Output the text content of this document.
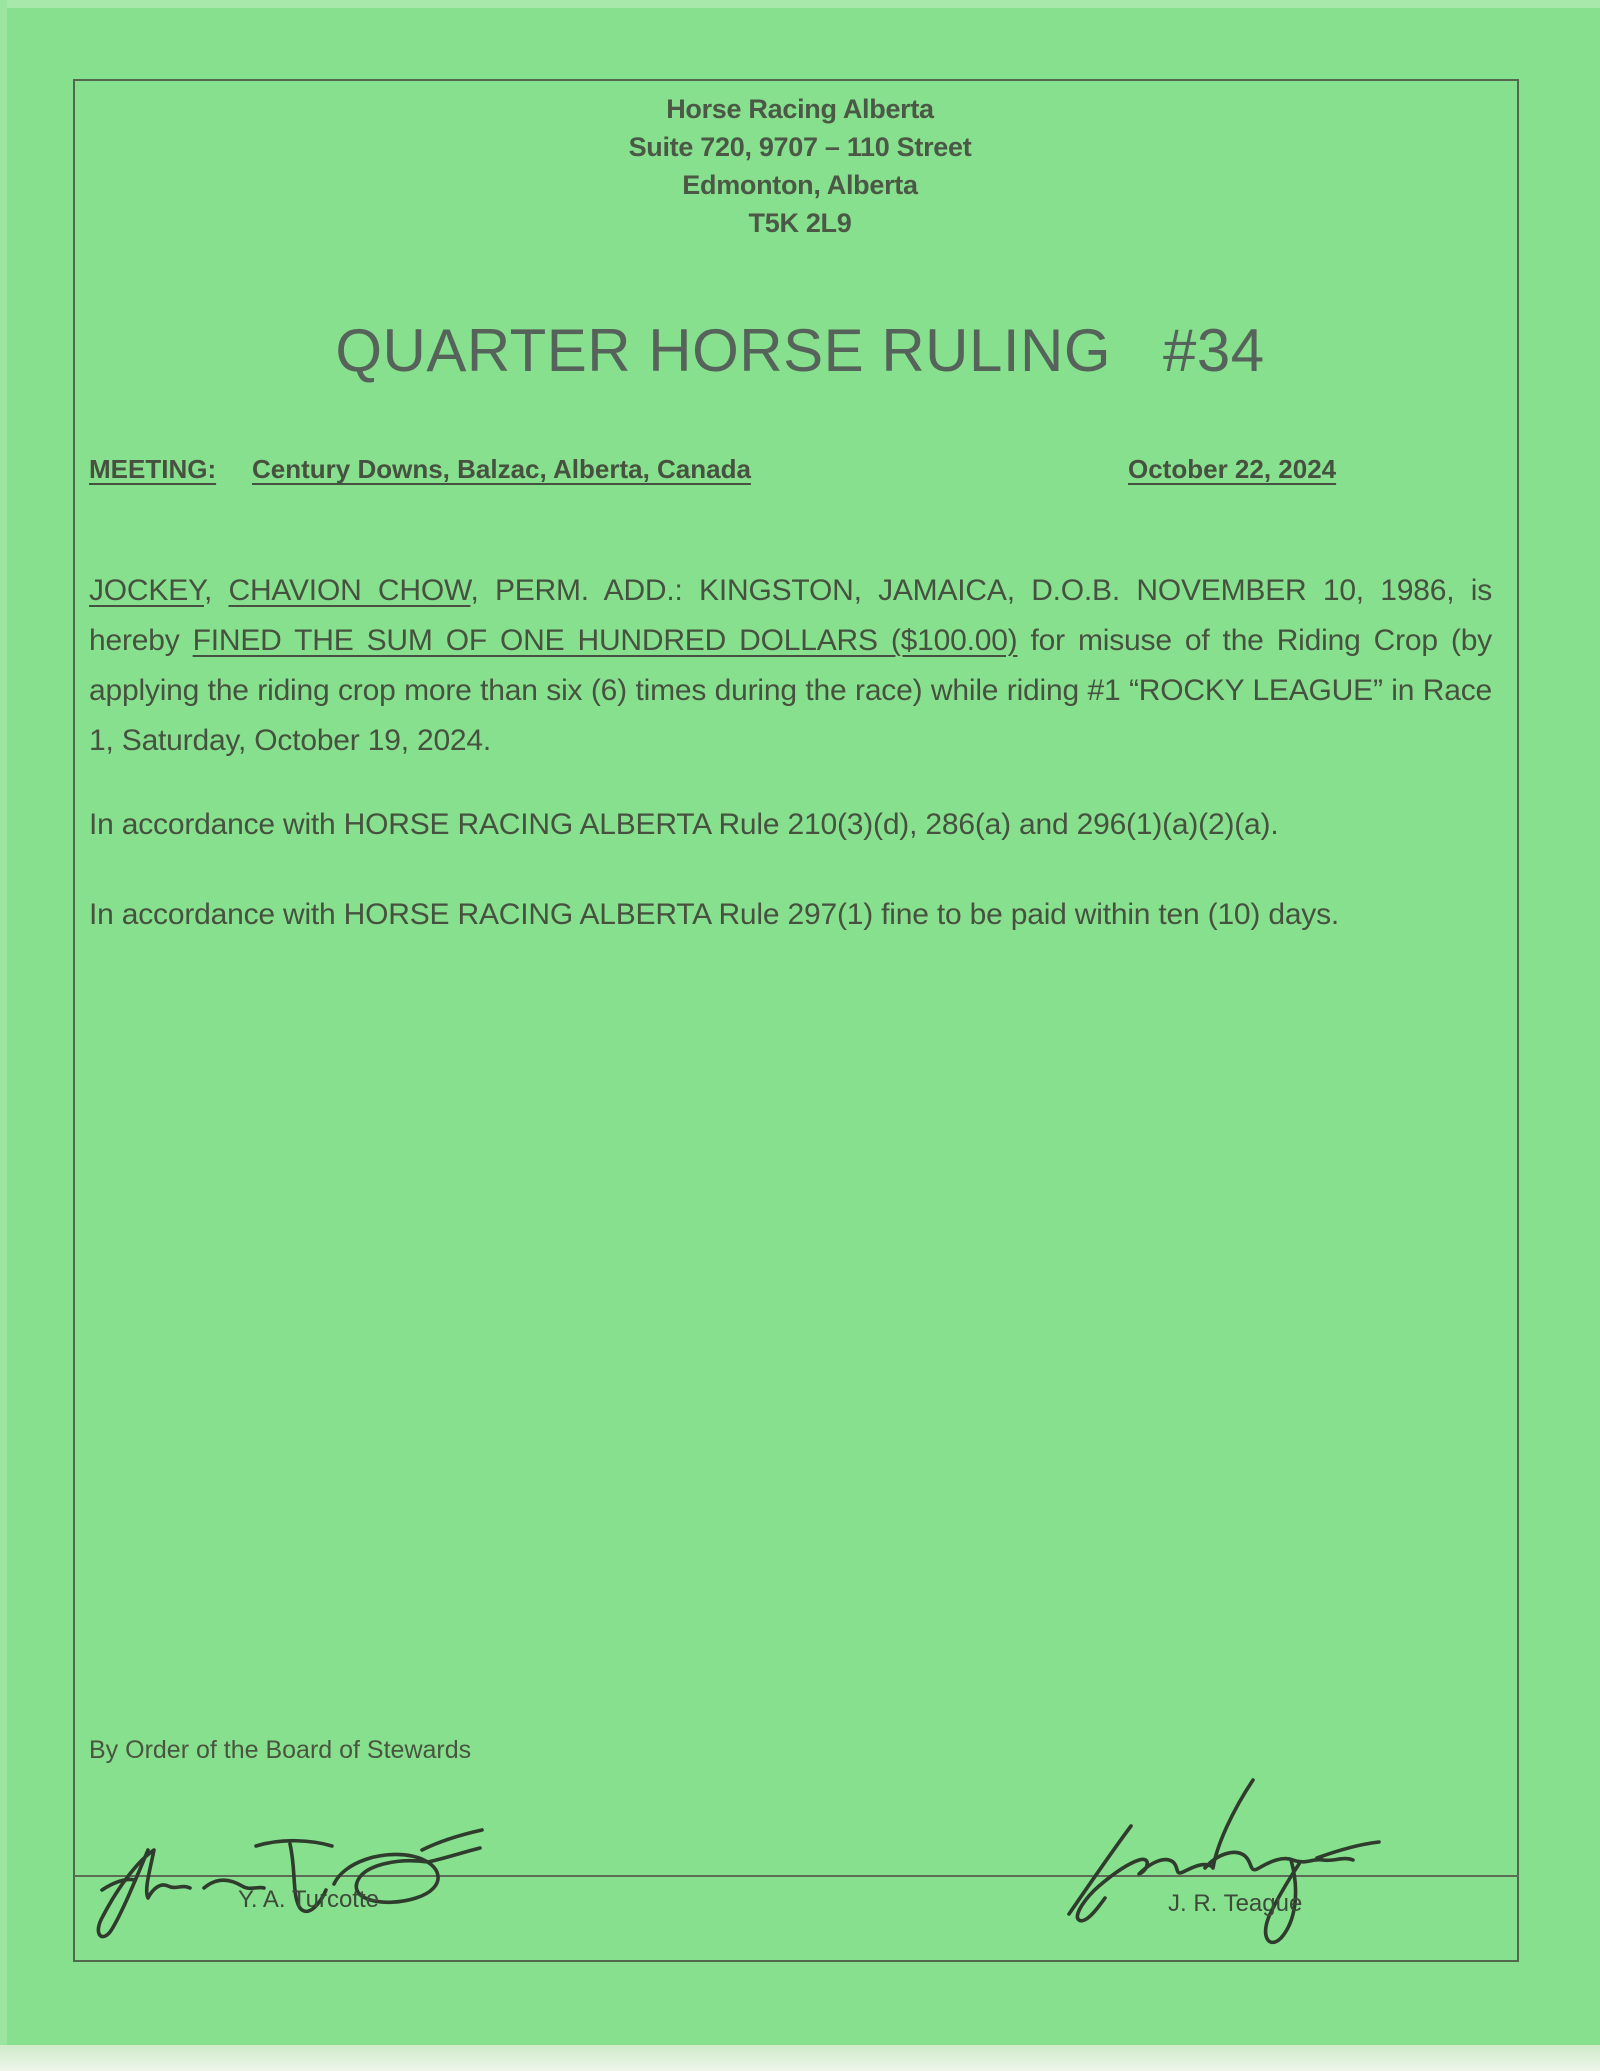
Horse Racing Alberta
Suite 720, 9707 – 110 Street
Edmonton, Alberta
T5K 2L9
QUARTER HORSE RULING #34
MEETING: Century Downs, Balzac, Alberta, Canada	October 22, 2024

JOCKEY, CHAVION CHOW, PERM. ADD.: KINGSTON, JAMAICA, D.O.B. NOVEMBER 10, 1986, is hereby FINED THE SUM OF ONE HUNDRED DOLLARS ($100.00) for misuse of the Riding Crop (by applying the riding crop more than six (6) times during the race) while riding #1 “ROCKY LEAGUE” in Race 1, Saturday, October 19, 2024.

In accordance with HORSE RACING ALBERTA Rule 210(3)(d), 286(a) and 296(1)(a)(2)(a).

In accordance with HORSE RACING ALBERTA Rule 297(1) fine to be paid within ten (10) days.

By Order of the Board of Stewards
Y. A. Turcotte	J. R. Teague
